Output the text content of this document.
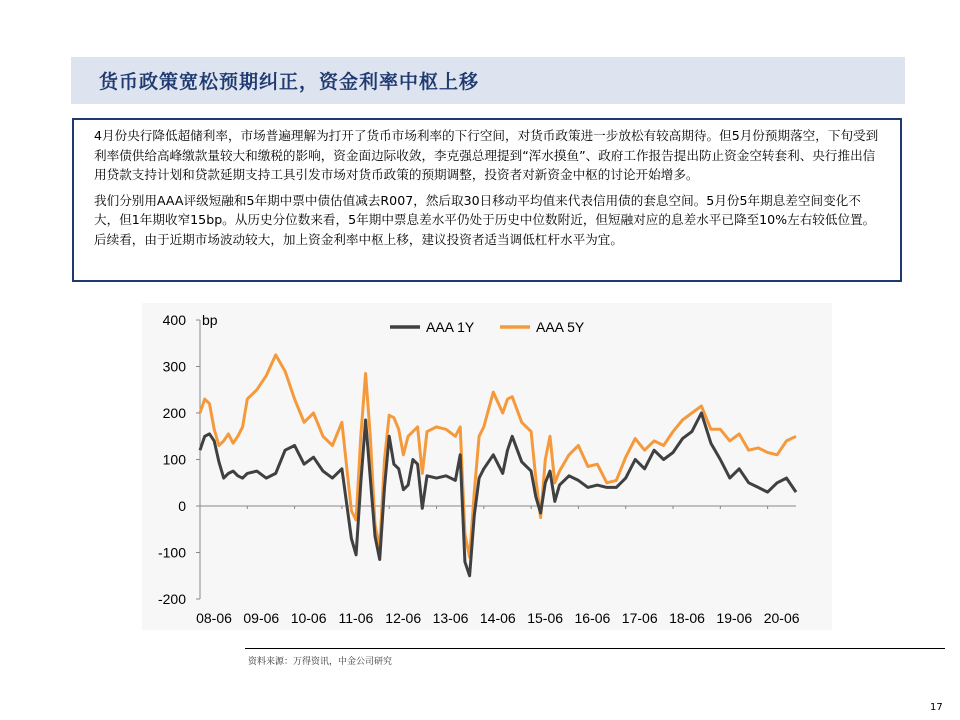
货币政策宽松预期纠正，资金利率中枢上移

4月份央行降低超储利率，市场普遍理解为打开了货币市场利率的下行空间，对货币政策进一步放松有较高期待。但5月份预期落空，下旬受到利率债供给高峰缴款量较大和缴税的影响，资金面边际收敛，李克强总理提到“浑水摸鱼”、政府工作报告提出防止资金空转套利、央行推出信用贷款支持计划和贷款延期支持工具引发市场对货币政策的预期调整，投资者对新资金中枢的讨论开始增多。

我们分别用AAA评级短融和5年期中票中债估值减去R007，然后取30日移动平均值来代表信用债的套息空间。5月份5年期息差空间变化不大，但1年期收窄15bp。从历史分位数来看，5年期中票息差水平仍处于历史中位数附近，但短融对应的息差水平已降至10%左右较低位置。后续看，由于近期市场波动较大，加上资金利率中枢上移，建议投资者适当调低杠杆水平为宜。

-200
-100
0
100
200
300
400 bp
08-06 09-06 10-06 11-06 12-06 13-06 14-06 15-06 16-06 17-06 18-06 19-06 20-06
AAA 1Y	AAA 5Y
资料来源：万得资讯，中金公司研究
17
